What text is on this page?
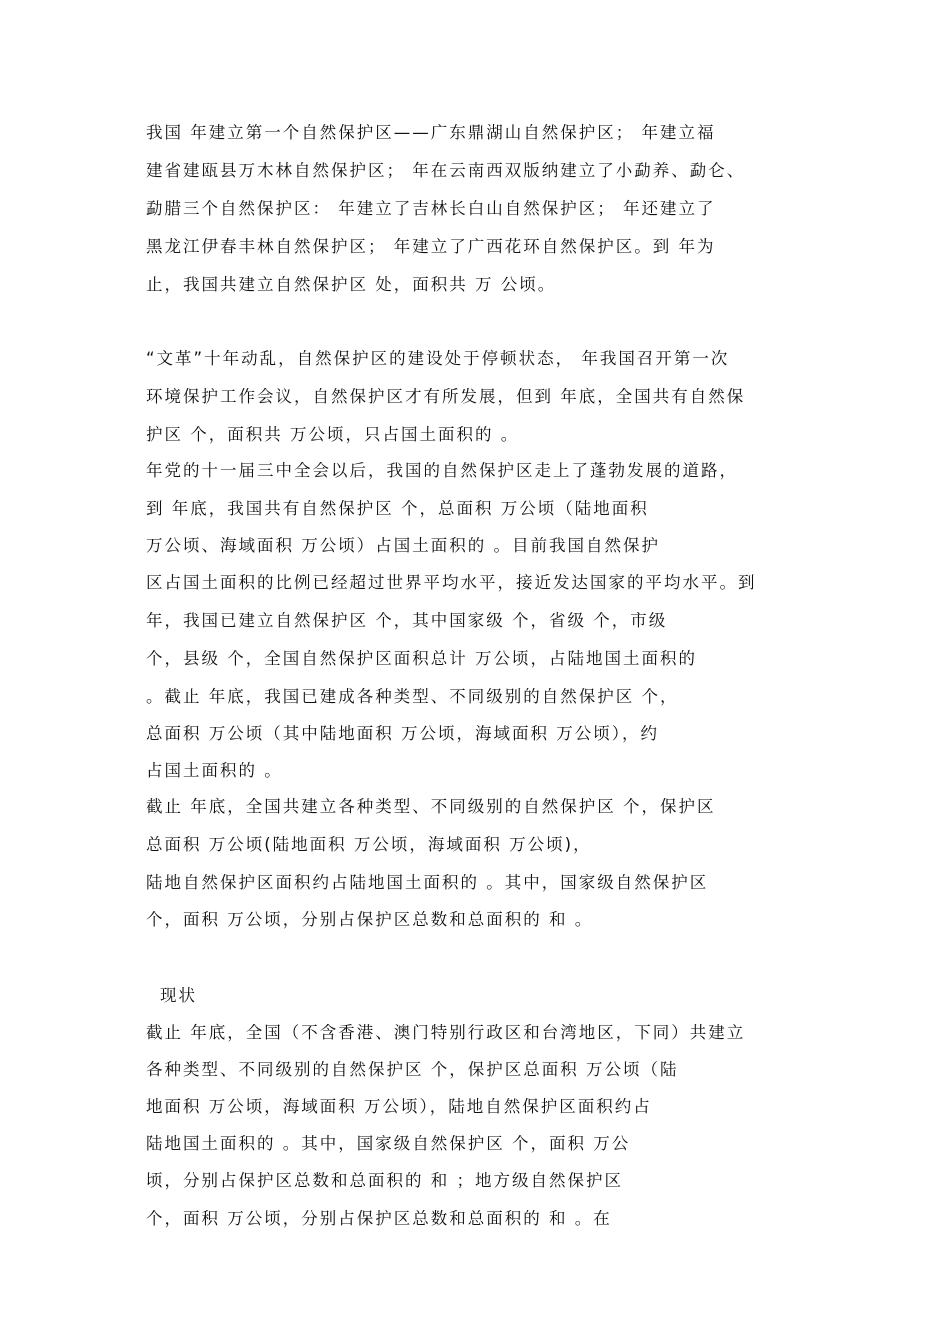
我国 年建立第一个自然保护区——广东鼎湖山自然保护区； 年建立福
建省建瓯县万木林自然保护区； 年在云南西双版纳建立了小勐养、勐仑、
勐腊三个自然保护区： 年建立了吉林长白山自然保护区； 年还建立了
黑龙江伊春丰林自然保护区； 年建立了广西花环自然保护区。到 年为
止，我国共建立自然保护区 处，面积共 万 公顷。
“文革”十年动乱，自然保护区的建设处于停顿状态， 年我国召开第一次
环境保护工作会议，自然保护区才有所发展，但到 年底，全国共有自然保
护区 个，面积共 万公顷，只占国土面积的 。
年党的十一届三中全会以后，我国的自然保护区走上了蓬勃发展的道路，
到 年底，我国共有自然保护区 个，总面积 万公顷（陆地面积
万公顷、海域面积 万公顷）占国土面积的 。目前我国自然保护
区占国土面积的比例已经超过世界平均水平，接近发达国家的平均水平。到
年，我国已建立自然保护区 个，其中国家级 个，省级 个，市级
个，县级 个，全国自然保护区面积总计 万公顷，占陆地国土面积的
。截止 年底，我国已建成各种类型、不同级别的自然保护区 个，
总面积 万公顷（其中陆地面积 万公顷，海域面积 万公顷），约
占国土面积的 。
截止 年底，全国共建立各种类型、不同级别的自然保护区 个，保护区
总面积 万公顷(陆地面积 万公顷，海域面积 万公顷)，
陆地自然保护区面积约占陆地国土面积的 。其中，国家级自然保护区
个，面积 万公顷，分别占保护区总数和总面积的 和 。
现状
截止 年底，全国（不含香港、澳门特别行政区和台湾地区，下同）共建立
各种类型、不同级别的自然保护区 个，保护区总面积 万公顷（陆
地面积 万公顷，海域面积 万公顷），陆地自然保护区面积约占
陆地国土面积的 。其中，国家级自然保护区 个，面积 万公
顷，分别占保护区总数和总面积的 和 ；地方级自然保护区
个，面积 万公顷，分别占保护区总数和总面积的 和 。在
